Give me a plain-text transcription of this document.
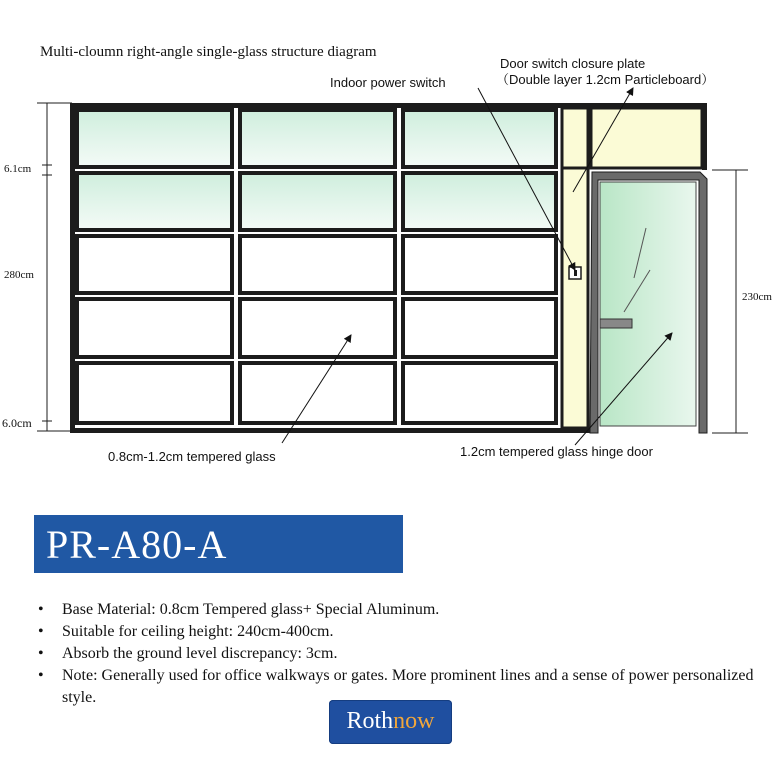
Multi-cloumn right-angle single-glass structure diagram
Door switch closure plate
（Double layer 1.2cm Particleboard）
Indoor power switch
0.8cm-1.2cm tempered glass	1.2cm tempered glass hinge door
6.1cm
280cm
6.0cm
230cm
PR-A80-A
• Base Material: 0.8cm Tempered glass+ Special Aluminum.
• Suitable for ceiling height: 240cm-400cm.
• Absorb the ground level discrepancy: 3cm.
• Note: Generally used for office walkways or gates. More prominent lines and a sense of power personalized style.
Rothnow
